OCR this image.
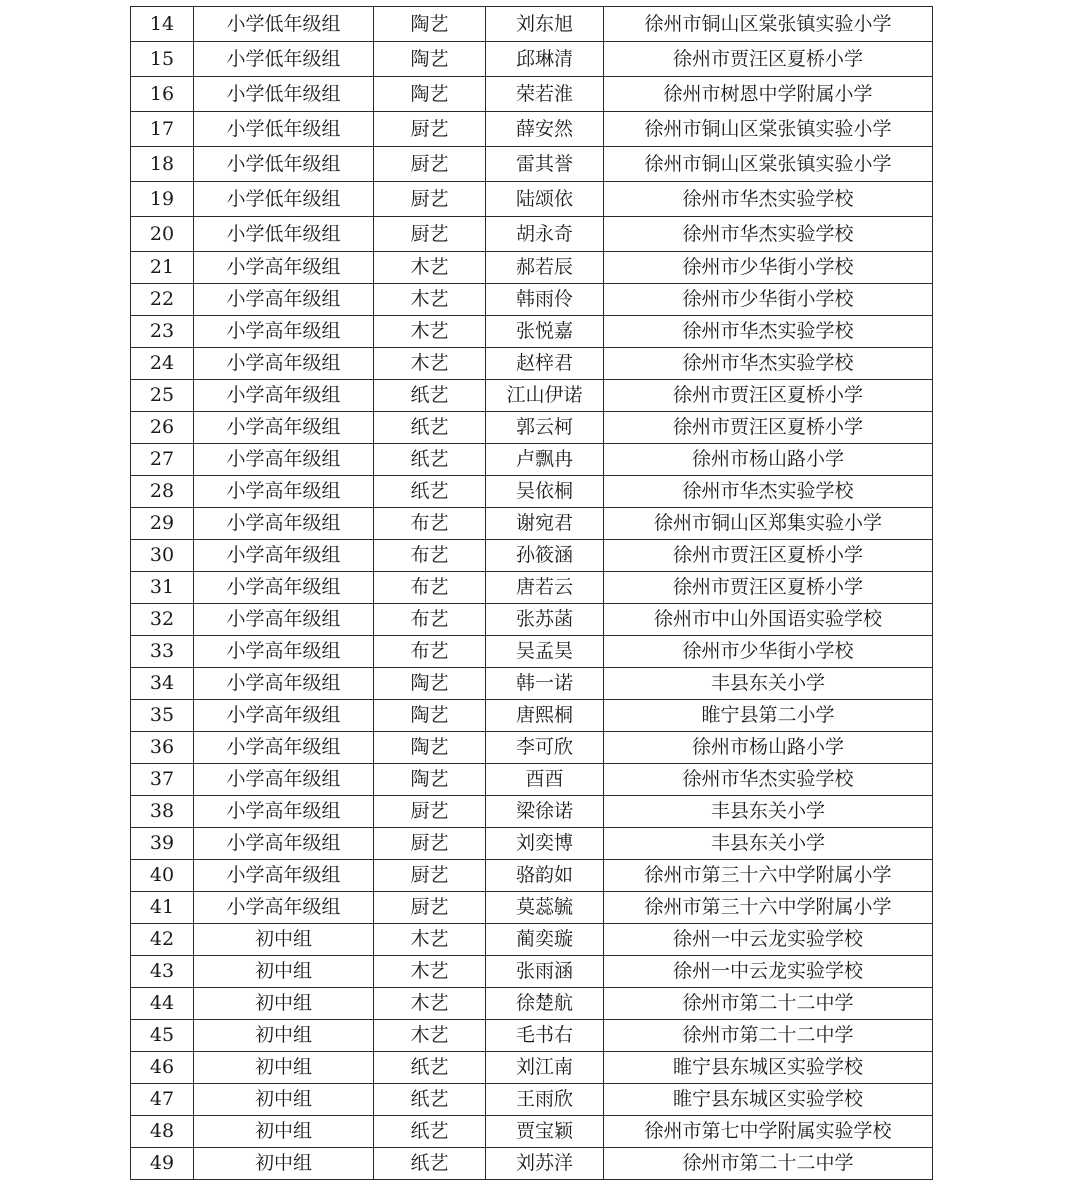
14	小学低年级组	陶艺	刘东旭	徐州市铜山区棠张镇实验小学
15	小学低年级组	陶艺	邱琳清	徐州市贾汪区夏桥小学
16	小学低年级组	陶艺	荣若淮	徐州市树恩中学附属小学
17	小学低年级组	厨艺	薛安然	徐州市铜山区棠张镇实验小学
18	小学低年级组	厨艺	雷其誉	徐州市铜山区棠张镇实验小学
19	小学低年级组	厨艺	陆颂依	徐州市华杰实验学校
20	小学低年级组	厨艺	胡永奇	徐州市华杰实验学校
21	小学高年级组	木艺	郝若辰	徐州市少华街小学校
22	小学高年级组	木艺	韩雨伶	徐州市少华街小学校
23	小学高年级组	木艺	张悦嘉	徐州市华杰实验学校
24	小学高年级组	木艺	赵梓君	徐州市华杰实验学校
25	小学高年级组	纸艺	江山伊诺	徐州市贾汪区夏桥小学
26	小学高年级组	纸艺	郭云柯	徐州市贾汪区夏桥小学
27	小学高年级组	纸艺	卢飘冉	徐州市杨山路小学
28	小学高年级组	纸艺	吴依桐	徐州市华杰实验学校
29	小学高年级组	布艺	谢宛君	徐州市铜山区郑集实验小学
30	小学高年级组	布艺	孙筱涵	徐州市贾汪区夏桥小学
31	小学高年级组	布艺	唐若云	徐州市贾汪区夏桥小学
32	小学高年级组	布艺	张苏菡	徐州市中山外国语实验学校
33	小学高年级组	布艺	吴孟昊	徐州市少华街小学校
34	小学高年级组	陶艺	韩一诺	丰县东关小学
35	小学高年级组	陶艺	唐熙桐	睢宁县第二小学
36	小学高年级组	陶艺	李可欣	徐州市杨山路小学
37	小学高年级组	陶艺	酉酉	徐州市华杰实验学校
38	小学高年级组	厨艺	梁徐诺	丰县东关小学
39	小学高年级组	厨艺	刘奕博	丰县东关小学
40	小学高年级组	厨艺	骆韵如	徐州市第三十六中学附属小学
41	小学高年级组	厨艺	莫蕊毓	徐州市第三十六中学附属小学
42	初中组	木艺	蔺奕璇	徐州一中云龙实验学校
43	初中组	木艺	张雨涵	徐州一中云龙实验学校
44	初中组	木艺	徐楚航	徐州市第二十二中学
45	初中组	木艺	毛书右	徐州市第二十二中学
46	初中组	纸艺	刘江南	睢宁县东城区实验学校
47	初中组	纸艺	王雨欣	睢宁县东城区实验学校
48	初中组	纸艺	贾宝颖	徐州市第七中学附属实验学校
49	初中组	纸艺	刘苏洋	徐州市第二十二中学
